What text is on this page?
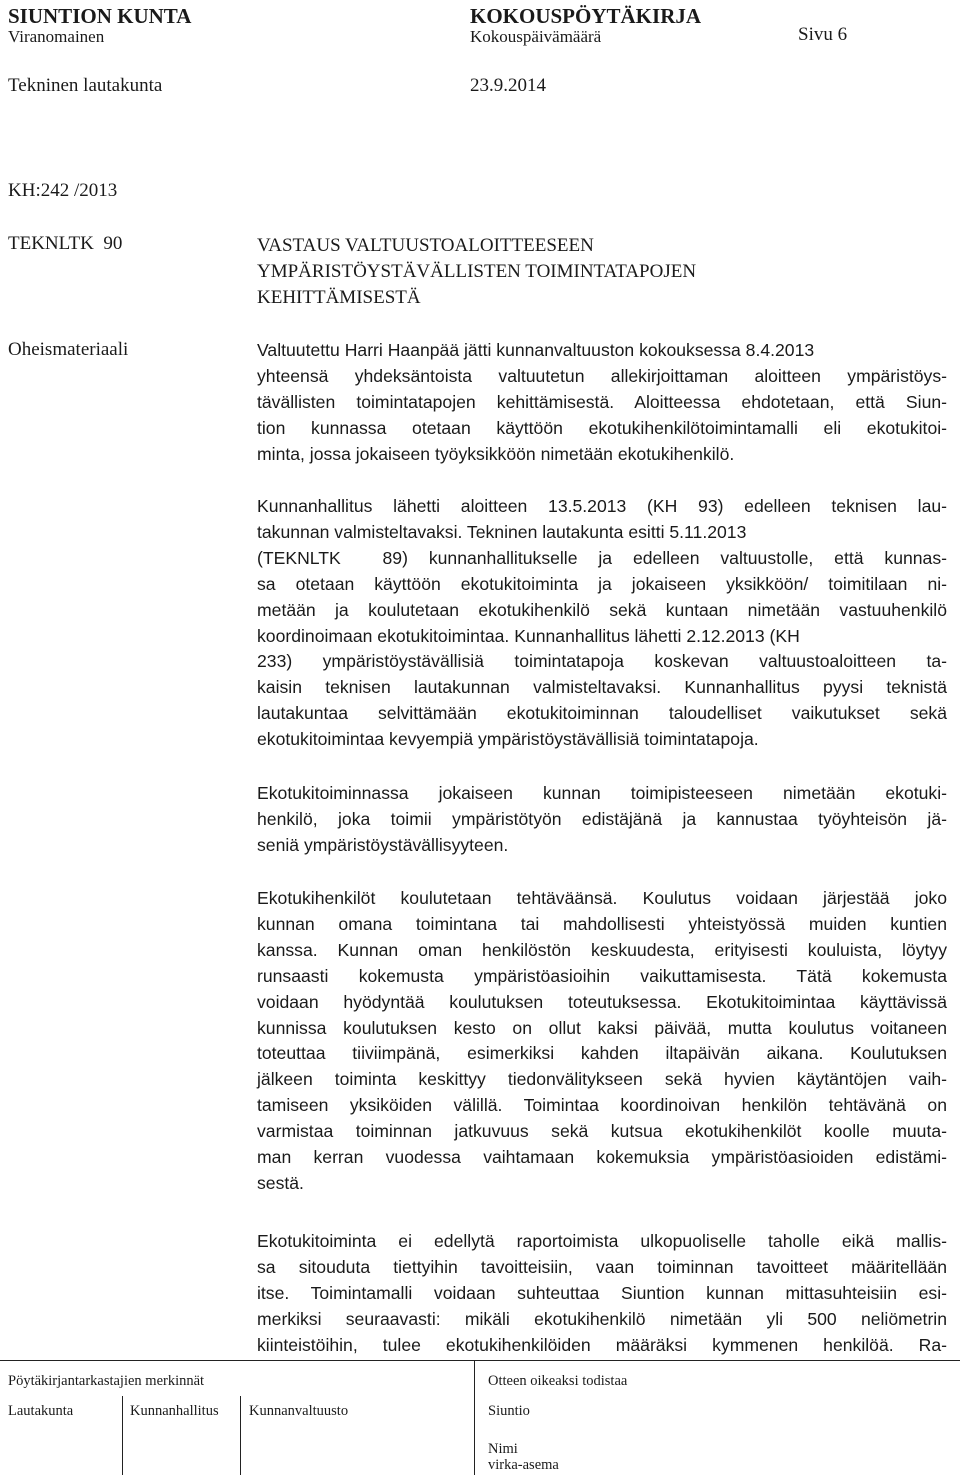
SIUNTION KUNTA	KOKOUSPÖYTÄKIRJA
Viranomainen	Kokouspäivämäärä	Sivu 6
Tekninen lautakunta	23.9.2014
KH:242 /2013
TEKNLTK  90	VASTAUS VALTUUSTOALOITTEESEEN
YMPÄRISTÖYSTÄVÄLLISTEN TOIMINTATAPOJEN
KEHITTÄMISESTÄ
Oheismateriaali	Valtuutettu Harri Haanpää jätti kunnanvaltuuston kokouksessa 8.4.2013
yhteensä yhdeksäntoista valtuutetun allekirjoittaman aloitteen ympäristöys-
tävällisten toimintatapojen kehittämisestä. Aloitteessa ehdotetaan, että Siun-
tion kunnassa otetaan käyttöön ekotukihenkilötoimintamalli eli ekotukitoi-
minta, jossa jokaiseen työyksikköön nimetään ekotukihenkilö.
Kunnanhallitus lähetti aloitteen 13.5.2013 (KH 93) edelleen teknisen lau-
takunnan valmisteltavaksi. Tekninen lautakunta esitti 5.11.2013
(TEKNLTK  89) kunnanhallitukselle ja edelleen valtuustolle, että kunnas-
sa otetaan käyttöön ekotukitoiminta ja jokaiseen yksikköön/ toimitilaan ni-
metään ja koulutetaan ekotukihenkilö sekä kuntaan nimetään vastuuhenkilö
koordinoimaan ekotukitoimintaa. Kunnanhallitus lähetti 2.12.2013 (KH
233) ympäristöystävällisiä toimintatapoja koskevan valtuustoaloitteen ta-
kaisin teknisen lautakunnan valmisteltavaksi. Kunnanhallitus pyysi teknistä
lautakuntaa selvittämään ekotukitoiminnan taloudelliset vaikutukset sekä
ekotukitoimintaa kevyempiä ympäristöystävällisiä toimintatapoja.
Ekotukitoiminnassa jokaiseen kunnan toimipisteeseen nimetään ekotuki-
henkilö, joka toimii ympäristötyön edistäjänä ja kannustaa työyhteisön jä-
seniä ympäristöystävällisyyteen.
Ekotukihenkilöt koulutetaan tehtäväänsä. Koulutus voidaan järjestää joko
kunnan omana toimintana tai mahdollisesti yhteistyössä muiden kuntien
kanssa. Kunnan oman henkilöstön keskuudesta, erityisesti kouluista, löytyy
runsaasti kokemusta ympäristöasioihin vaikuttamisesta. Tätä kokemusta
voidaan hyödyntää koulutuksen toteutuksessa. Ekotukitoimintaa käyttävissä
kunnissa koulutuksen kesto on ollut kaksi päivää, mutta koulutus voitaneen
toteuttaa tiiviimpänä, esimerkiksi kahden iltapäivän aikana. Koulutuksen
jälkeen toiminta keskittyy tiedonvälitykseen sekä hyvien käytäntöjen vaih-
tamiseen yksiköiden välillä. Toimintaa koordinoivan henkilön tehtävänä on
varmistaa toiminnan jatkuvuus sekä kutsua ekotukihenkilöt koolle muuta-
man kerran vuodessa vaihtamaan kokemuksia ympäristöasioiden edistämi-
sestä.
Ekotukitoiminta ei edellytä raportoimista ulkopuoliselle taholle eikä mallis-
sa sitouduta tiettyihin tavoitteisiin, vaan toiminnan tavoitteet määritellään
itse. Toimintamalli voidaan suhteuttaa Siuntion kunnan mittasuhteisiin esi-
merkiksi seuraavasti: mikäli ekotukihenkilö nimetään yli 500 neliömetrin
kiinteistöihin, tulee ekotukihenkilöiden määräksi kymmenen henkilöä. Ra-
Pöytäkirjantarkastajien merkinnät
Lautakunta	Kunnanhallitus Kunnanvaltuusto
Otteen oikeaksi todistaa
Siuntio
Nimi
virka-asema
